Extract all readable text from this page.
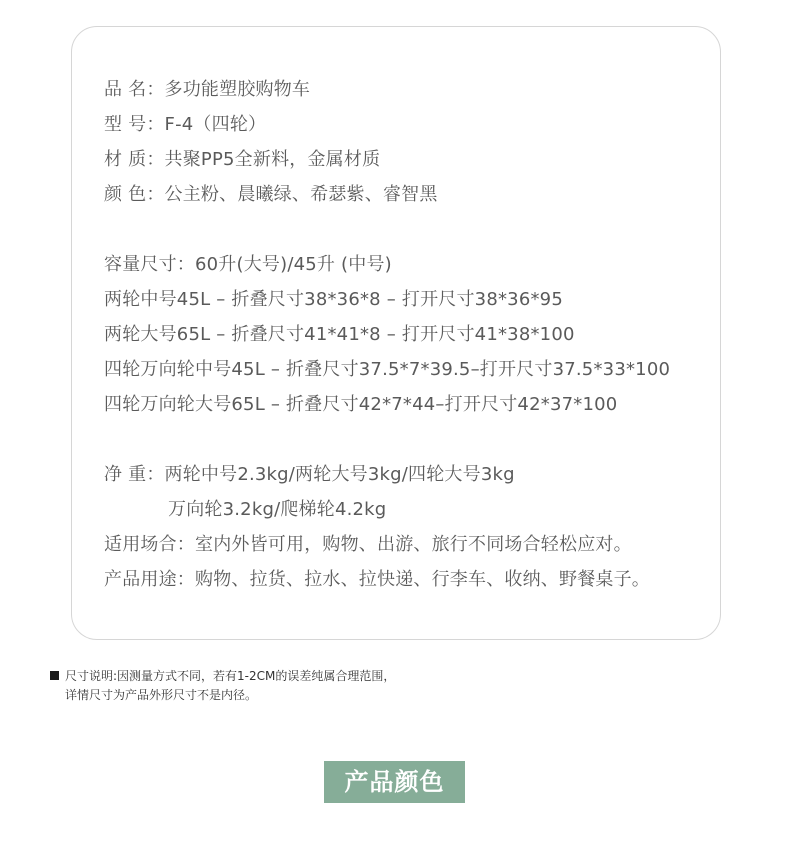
品 名：多功能塑胶购物车
型 号：F-4（四轮）
材 质：共聚PP5全新料，金属材质
颜 色：公主粉、晨曦绿、希瑟紫、睿智黑
容量尺寸：60升(大号)/45升 (中号)
两轮中号45L – 折叠尺寸38*36*8 – 打开尺寸38*36*95
两轮大号65L – 折叠尺寸41*41*8 – 打开尺寸41*38*100
四轮万向轮中号45L – 折叠尺寸37.5*7*39.5–打开尺寸37.5*33*100
四轮万向轮大号65L – 折叠尺寸42*7*44–打开尺寸42*37*100
净 重：两轮中号2.3kg/两轮大号3kg/四轮大号3kg
万向轮3.2kg/爬梯轮4.2kg
适用场合：室内外皆可用，购物、出游、旅行不同场合轻松应对。
产品用途：购物、拉货、拉水、拉快递、行李车、收纳、野餐桌子。
尺寸说明:因测量方式不同，若有1-2CM的误差纯属合理范围，
详情尺寸为产品外形尺寸不是内径。
产品颜色
